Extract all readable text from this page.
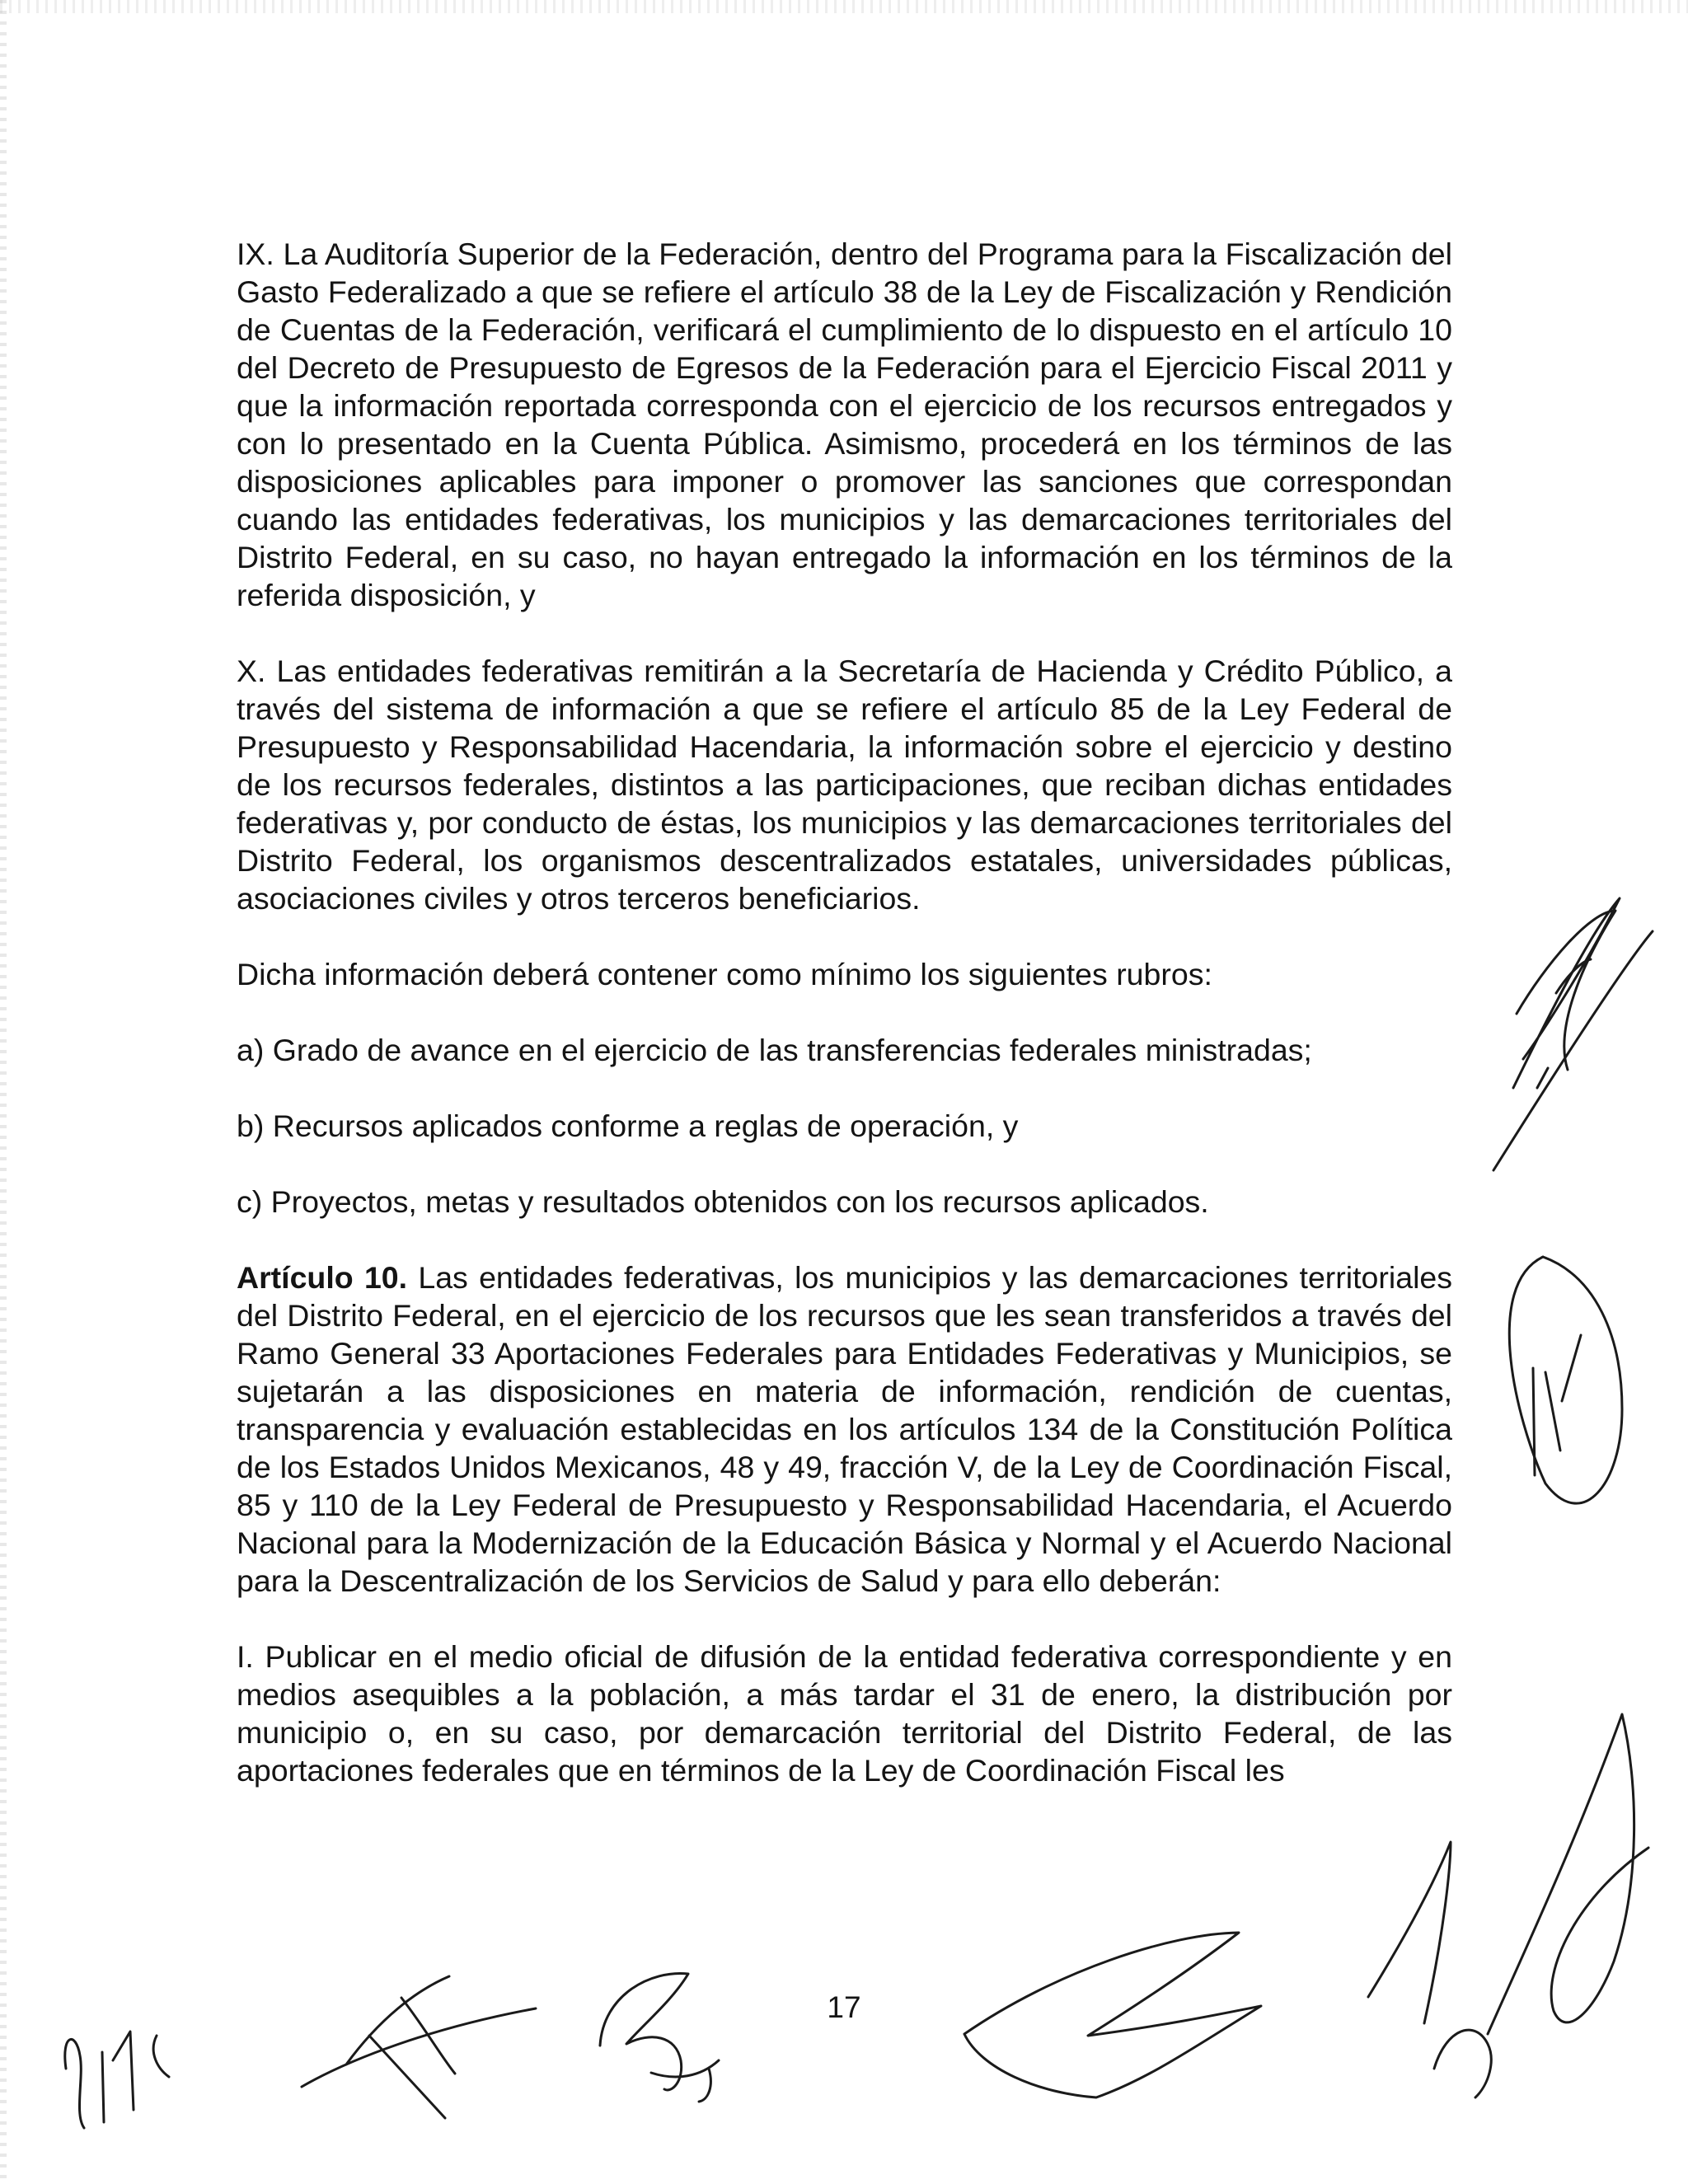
IX. La Auditoría Superior de la Federación, dentro del Programa para la Fiscalización del Gasto Federalizado a que se refiere el artículo 38 de la Ley de Fiscalización y Rendición de Cuentas de la Federación, verificará el cumplimiento de lo dispuesto en el artículo 10 del Decreto de Presupuesto de Egresos de la Federación para el Ejercicio Fiscal 2011 y que la información reportada corresponda con el ejercicio de los recursos entregados y con lo presentado en la Cuenta Pública. Asimismo, procederá en los términos de las disposiciones aplicables para imponer o promover las sanciones que correspondan cuando las entidades federativas, los municipios y las demarcaciones territoriales del Distrito Federal, en su caso, no hayan entregado la información en los términos de la referida disposición, y

X. Las entidades federativas remitirán a la Secretaría de Hacienda y Crédito Público, a través del sistema de información a que se refiere el artículo 85 de la Ley Federal de Presupuesto y Responsabilidad Hacendaria, la información sobre el ejercicio y destino de los recursos federales, distintos a las participaciones, que reciban dichas entidades federativas y, por conducto de éstas, los municipios y las demarcaciones territoriales del Distrito Federal, los organismos descentralizados estatales, universidades públicas, asociaciones civiles y otros terceros beneficiarios.

Dicha información deberá contener como mínimo los siguientes rubros:

a) Grado de avance en el ejercicio de las transferencias federales ministradas;

b) Recursos aplicados conforme a reglas de operación, y

c) Proyectos, metas y resultados obtenidos con los recursos aplicados.

Artículo 10. Las entidades federativas, los municipios y las demarcaciones territoriales del Distrito Federal, en el ejercicio de los recursos que les sean transferidos a través del Ramo General 33 Aportaciones Federales para Entidades Federativas y Municipios, se sujetarán a las disposiciones en materia de información, rendición de cuentas, transparencia y evaluación establecidas en los artículos 134 de la Constitución Política de los Estados Unidos Mexicanos, 48 y 49, fracción V, de la Ley de Coordinación Fiscal, 85 y 110 de la Ley Federal de Presupuesto y Responsabilidad Hacendaria, el Acuerdo Nacional para la Modernización de la Educación Básica y Normal y el Acuerdo Nacional para la Descentralización de los Servicios de Salud y para ello deberán:

I. Publicar en el medio oficial de difusión de la entidad federativa correspondiente y en medios asequibles a la población, a más tardar el 31 de enero, la distribución por municipio o, en su caso, por demarcación territorial del Distrito Federal, de las aportaciones federales que en términos de la Ley de Coordinación Fiscal les

17
